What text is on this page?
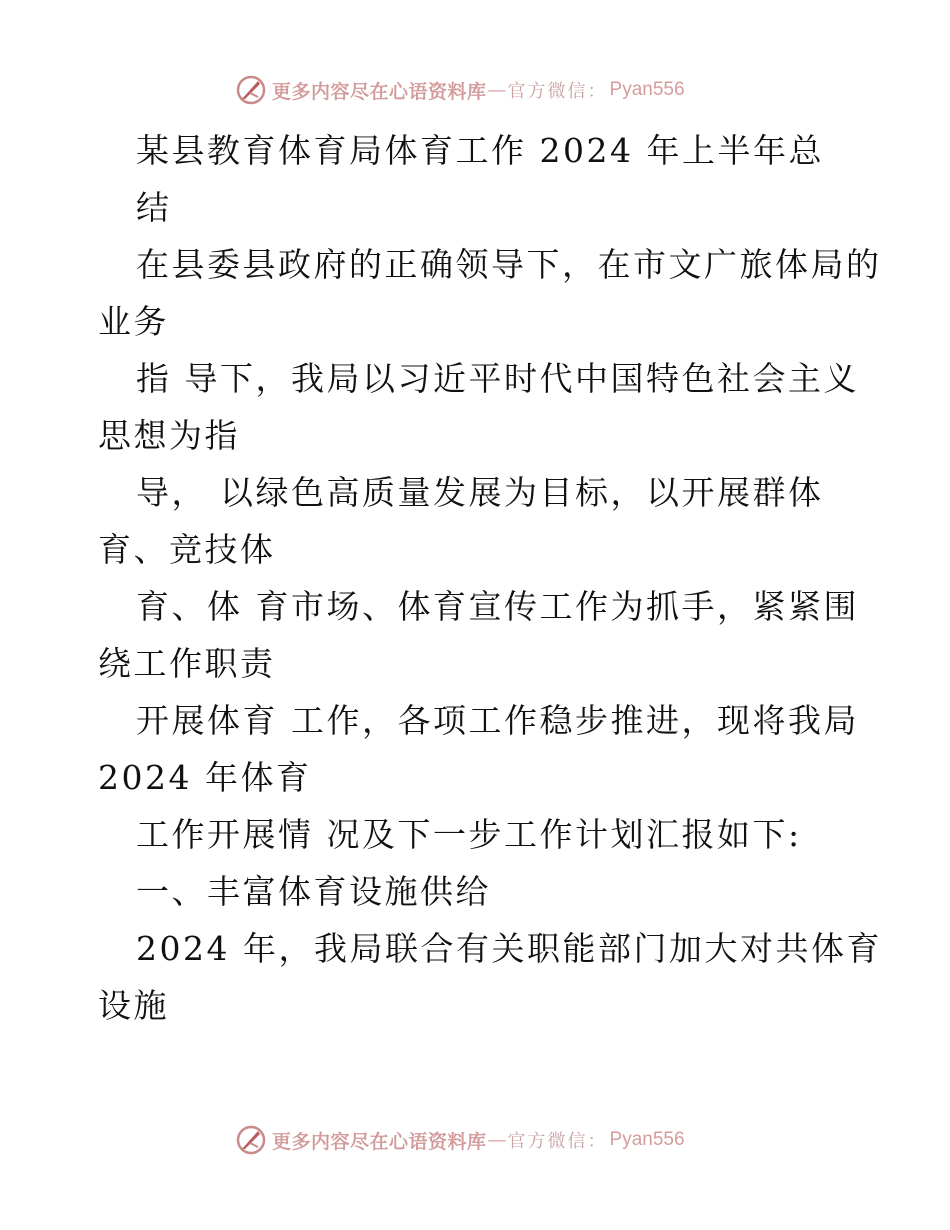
更多内容尽在心语资料库 — 官方微信： Pyan556
某县教育体育局体育工作 2024 年上半年总
结
在县委县政府的正确领导下，在市文广旅体局的
业务
指 导下，我局以习近平时代中国特色社会主义
思想为指
导， 以绿色高质量发展为目标，以开展群体
育、竞技体
育、体 育市场、体育宣传工作为抓手，紧紧围
绕工作职责
开展体育 工作，各项工作稳步推进，现将我局
2024 年体育
工作开展情 况及下一步工作计划汇报如下:
一、丰富体育设施供给
2024 年，我局联合有关职能部门加大对共体育
设施
更多内容尽在心语资料库 — 官方微信： Pyan556
